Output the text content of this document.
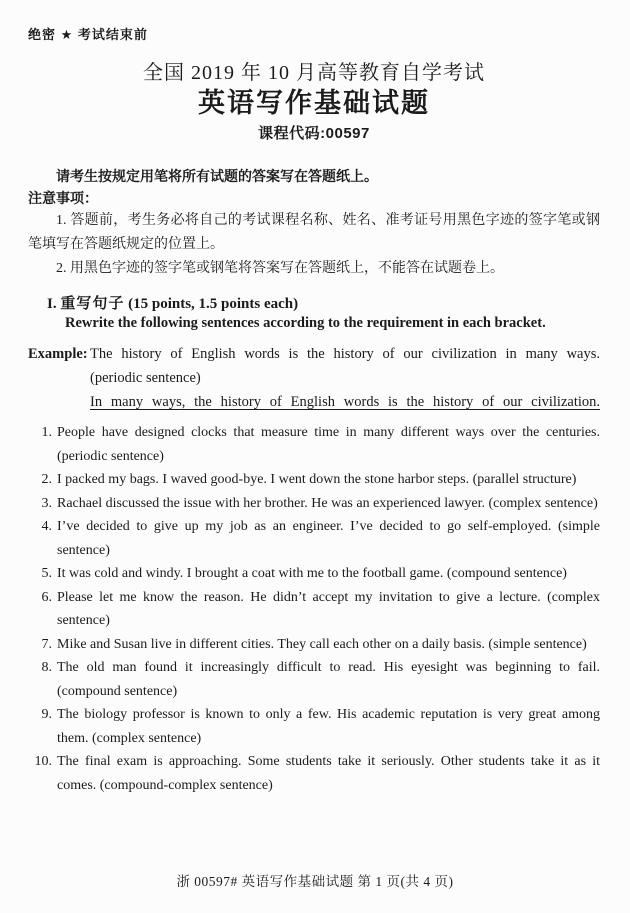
绝密 ★ 考试结束前
全国 2019 年 10 月高等教育自学考试
英语写作基础试题
课程代码:00597
请考生按规定用笔将所有试题的答案写在答题纸上。
注意事项：
1. 答题前，考生务必将自己的考试课程名称、姓名、准考证号用黑色字迹的签字笔或钢笔填写在答题纸规定的位置上。
2. 用黑色字迹的签字笔或钢笔将答案写在答题纸上，不能答在试题卷上。
I. 重写句子 (15 points, 1.5 points each)
Rewrite the following sentences according to the requirement in each bracket.
Example: The history of English words is the history of our civilization in many ways.
(periodic sentence)
In many ways, the history of English words is the history of our civilization.
1. People have designed clocks that measure time in many different ways over the centuries. (periodic sentence)
2. I packed my bags. I waved good-bye. I went down the stone harbor steps. (parallel structure)
3. Rachael discussed the issue with her brother. He was an experienced lawyer. (complex sentence)
4. I’ve decided to give up my job as an engineer. I’ve decided to go self-employed. (simple sentence)
5. It was cold and windy. I brought a coat with me to the football game. (compound sentence)
6. Please let me know the reason. He didn’t accept my invitation to give a lecture. (complex sentence)
7. Mike and Susan live in different cities. They call each other on a daily basis. (simple sentence)
8. The old man found it increasingly difficult to read. His eyesight was beginning to fail. (compound sentence)
9. The biology professor is known to only a few. His academic reputation is very great among them. (complex sentence)
10. The final exam is approaching. Some students take it seriously. Other students take it as it comes. (compound-complex sentence)
浙 00597# 英语写作基础试题 第 1 页(共 4 页)
